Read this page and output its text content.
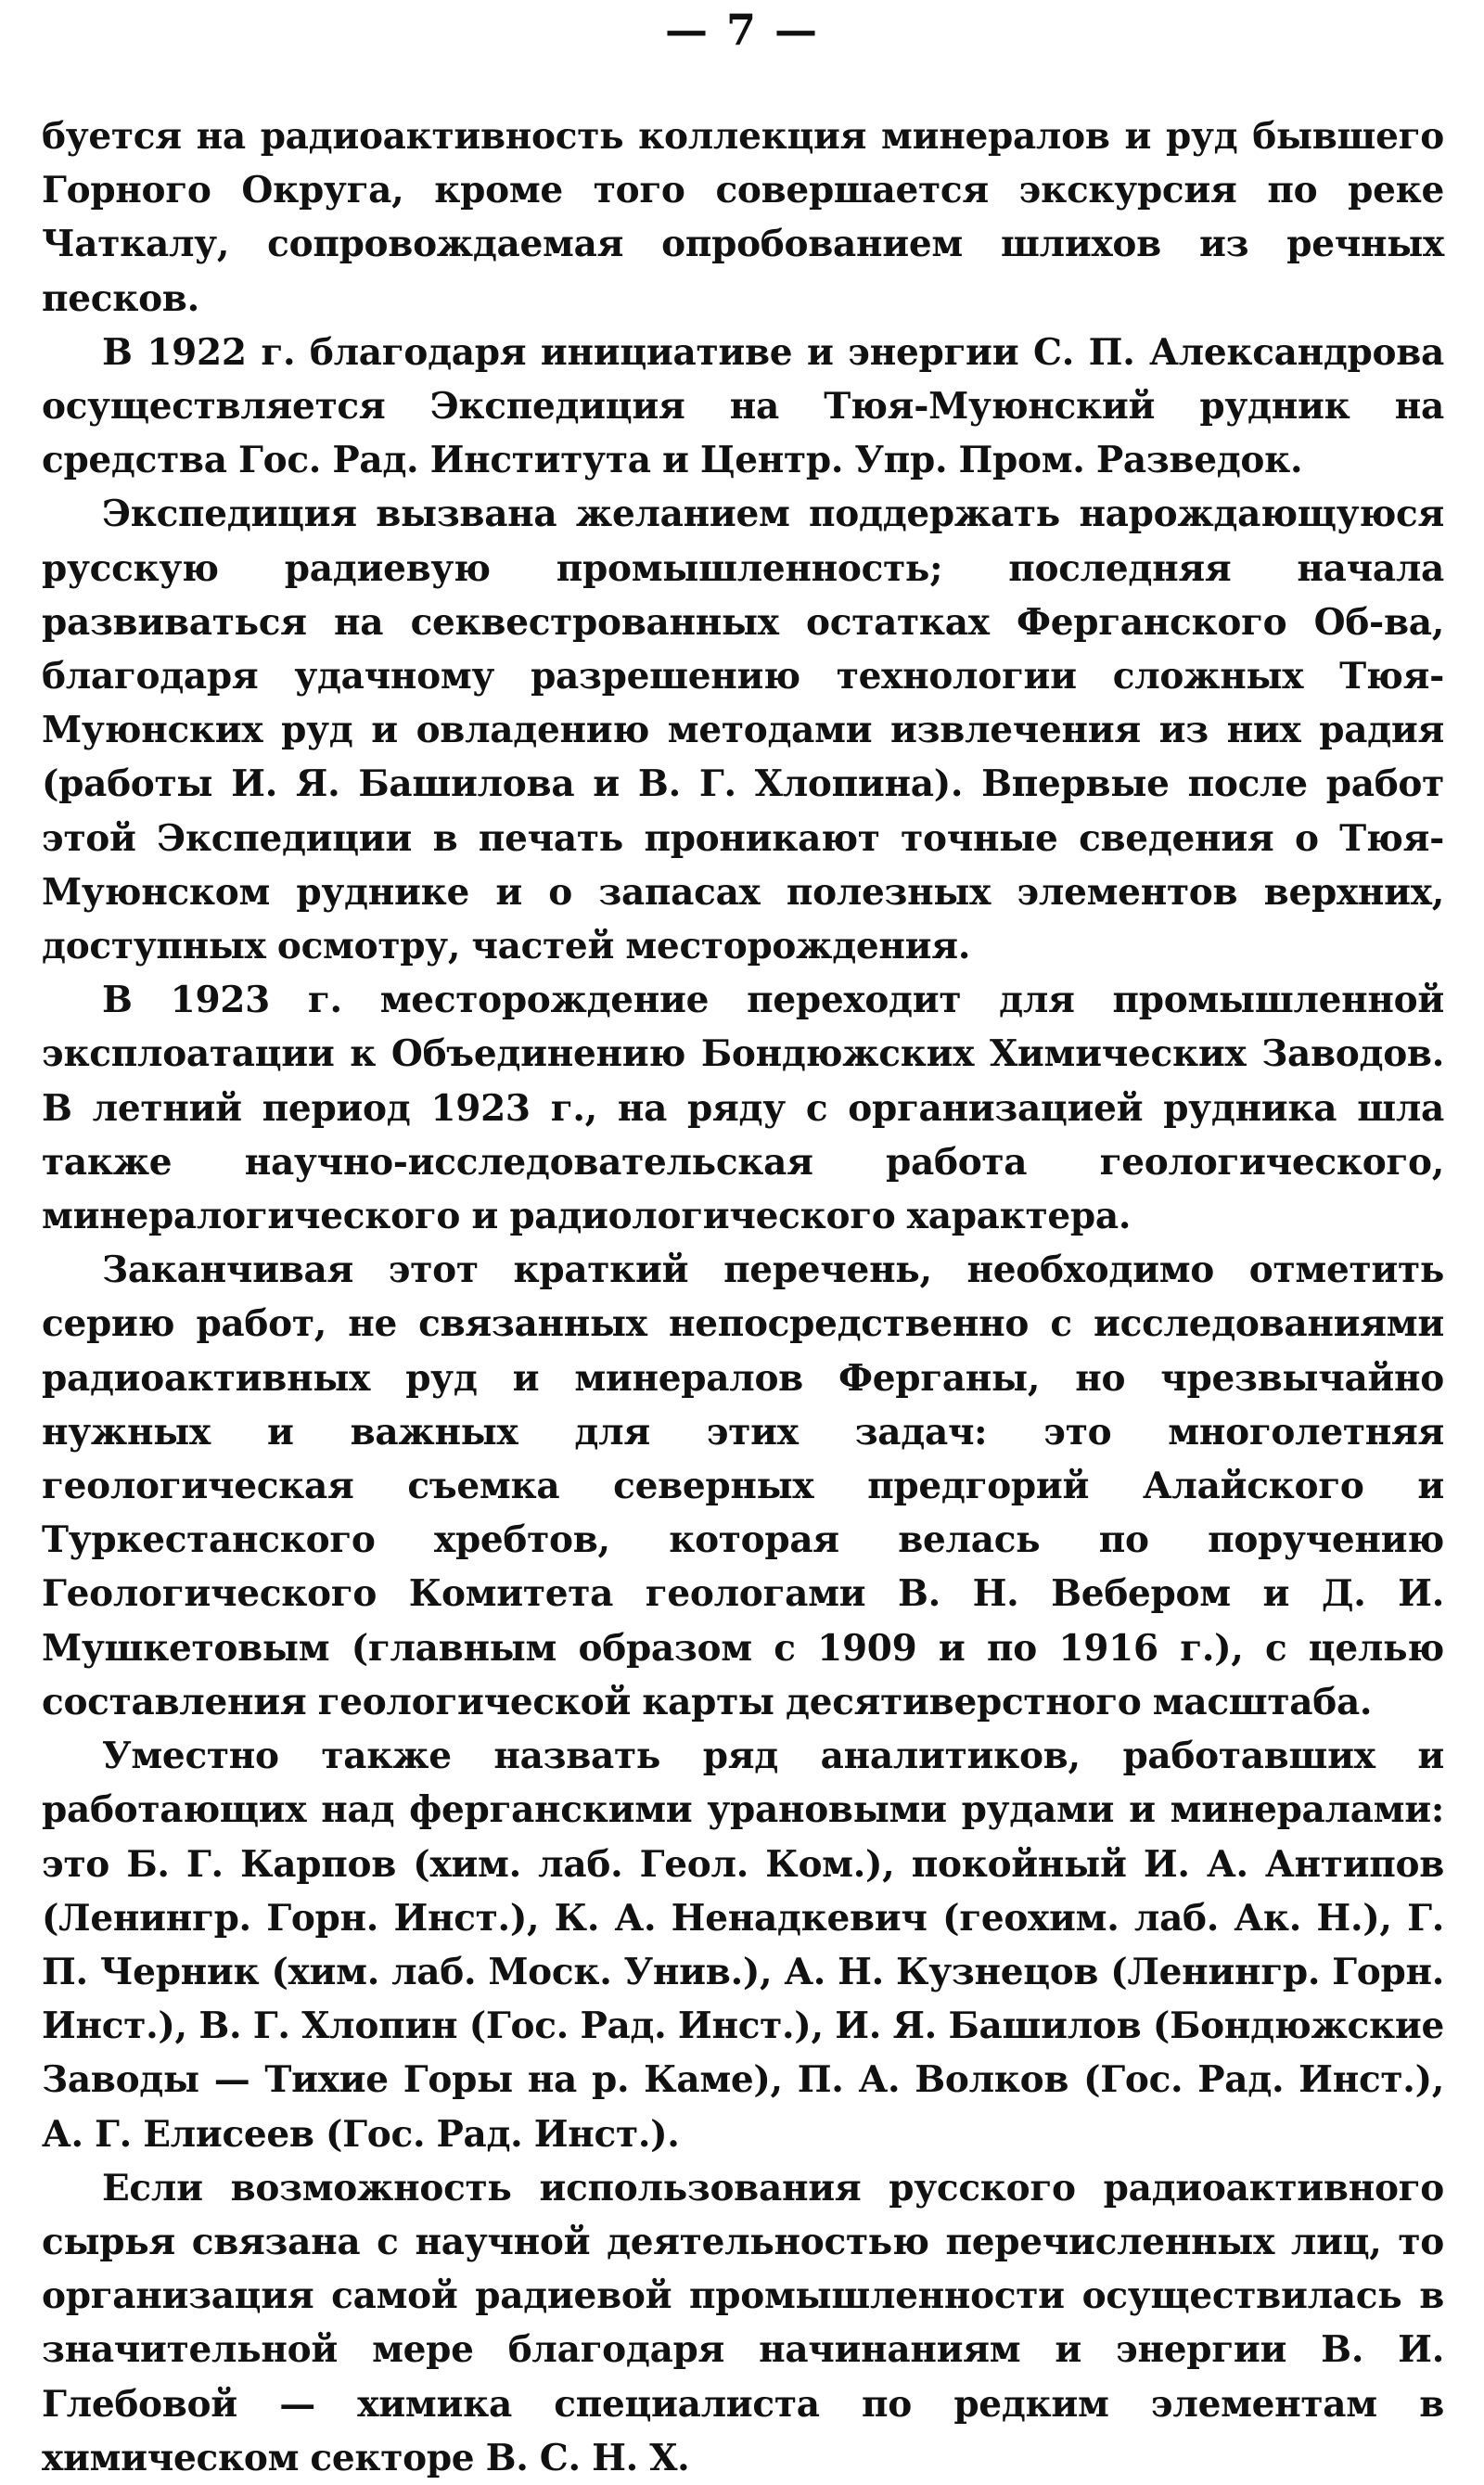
— 7 —

буется на радиоактивность коллекция минералов и руд бывшего Горного Округа, кроме того совершается экскурсия по реке Чаткалу, сопровождаемая опробованием шлихов из речных песков.

В 1922 г. благодаря инициативе и энергии С. П. Александрова осуществляется Экспедиция на Тюя-Муюнский рудник на средства Гос. Рад. Института и Центр. Упр. Пром. Разведок.

Экспедиция вызвана желанием поддержать нарождающуюся русскую радиевую промышленность; последняя начала развиваться на секвестрованных остатках Ферганского Об-ва, благодаря удачному разрешению технологии сложных Тюя-Муюнских руд и овладению методами извлечения из них радия (работы И. Я. Башилова и В. Г. Хлопина). Впервые после работ этой Экспедиции в печать проникают точные сведения о Тюя-Муюнском руднике и о запасах полезных элементов верхних, доступных осмотру, частей месторождения.

В 1923 г. месторождение переходит для промышленной эксплоатации к Объединению Бондюжских Химических Заводов. В летний период 1923 г., на ряду с организацией рудника шла также научно-исследовательская работа геологического, минералогического и радиологического характера.

Заканчивая этот краткий перечень, необходимо отметить серию работ, не связанных непосредственно с исследованиями радиоактивных руд и минералов Ферганы, но чрезвычайно нужных и важных для этих задач: это многолетняя геологическая съемка северных предгорий Алайского и Туркестанского хребтов, которая велась по поручению Геологического Комитета геологами В. Н. Вебером и Д. И. Мушкетовым (главным образом с 1909 и по 1916 г.), с целью составления геологической карты десятиверстного масштаба.

Уместно также назвать ряд аналитиков, работавших и работающих над ферганскими урановыми рудами и минералами: это Б. Г. Карпов (хим. лаб. Геол. Ком.), покойный И. А. Антипов (Ленингр. Горн. Инст.), К. А. Ненадкевич (геохим. лаб. Ак. Н.), Г. П. Черник (хим. лаб. Моск. Унив.), А. Н. Кузнецов (Ленингр. Горн. Инст.), В. Г. Хлопин (Гос. Рад. Инст.), И. Я. Башилов (Бондюжские Заводы — Тихие Горы на р. Каме), П. А. Волков (Гос. Рад. Инст.), А. Г. Елисеев (Гос. Рад. Инст.).

Если возможность использования русского радиоактивного сырья связана с научной деятельностью перечисленных лиц, то организация самой радиевой промышленности осуществилась в значительной мере благодаря начинаниям и энергии В. И. Глебовой — химика специалиста по редким элементам в химическом секторе В. С. Н. Х.
